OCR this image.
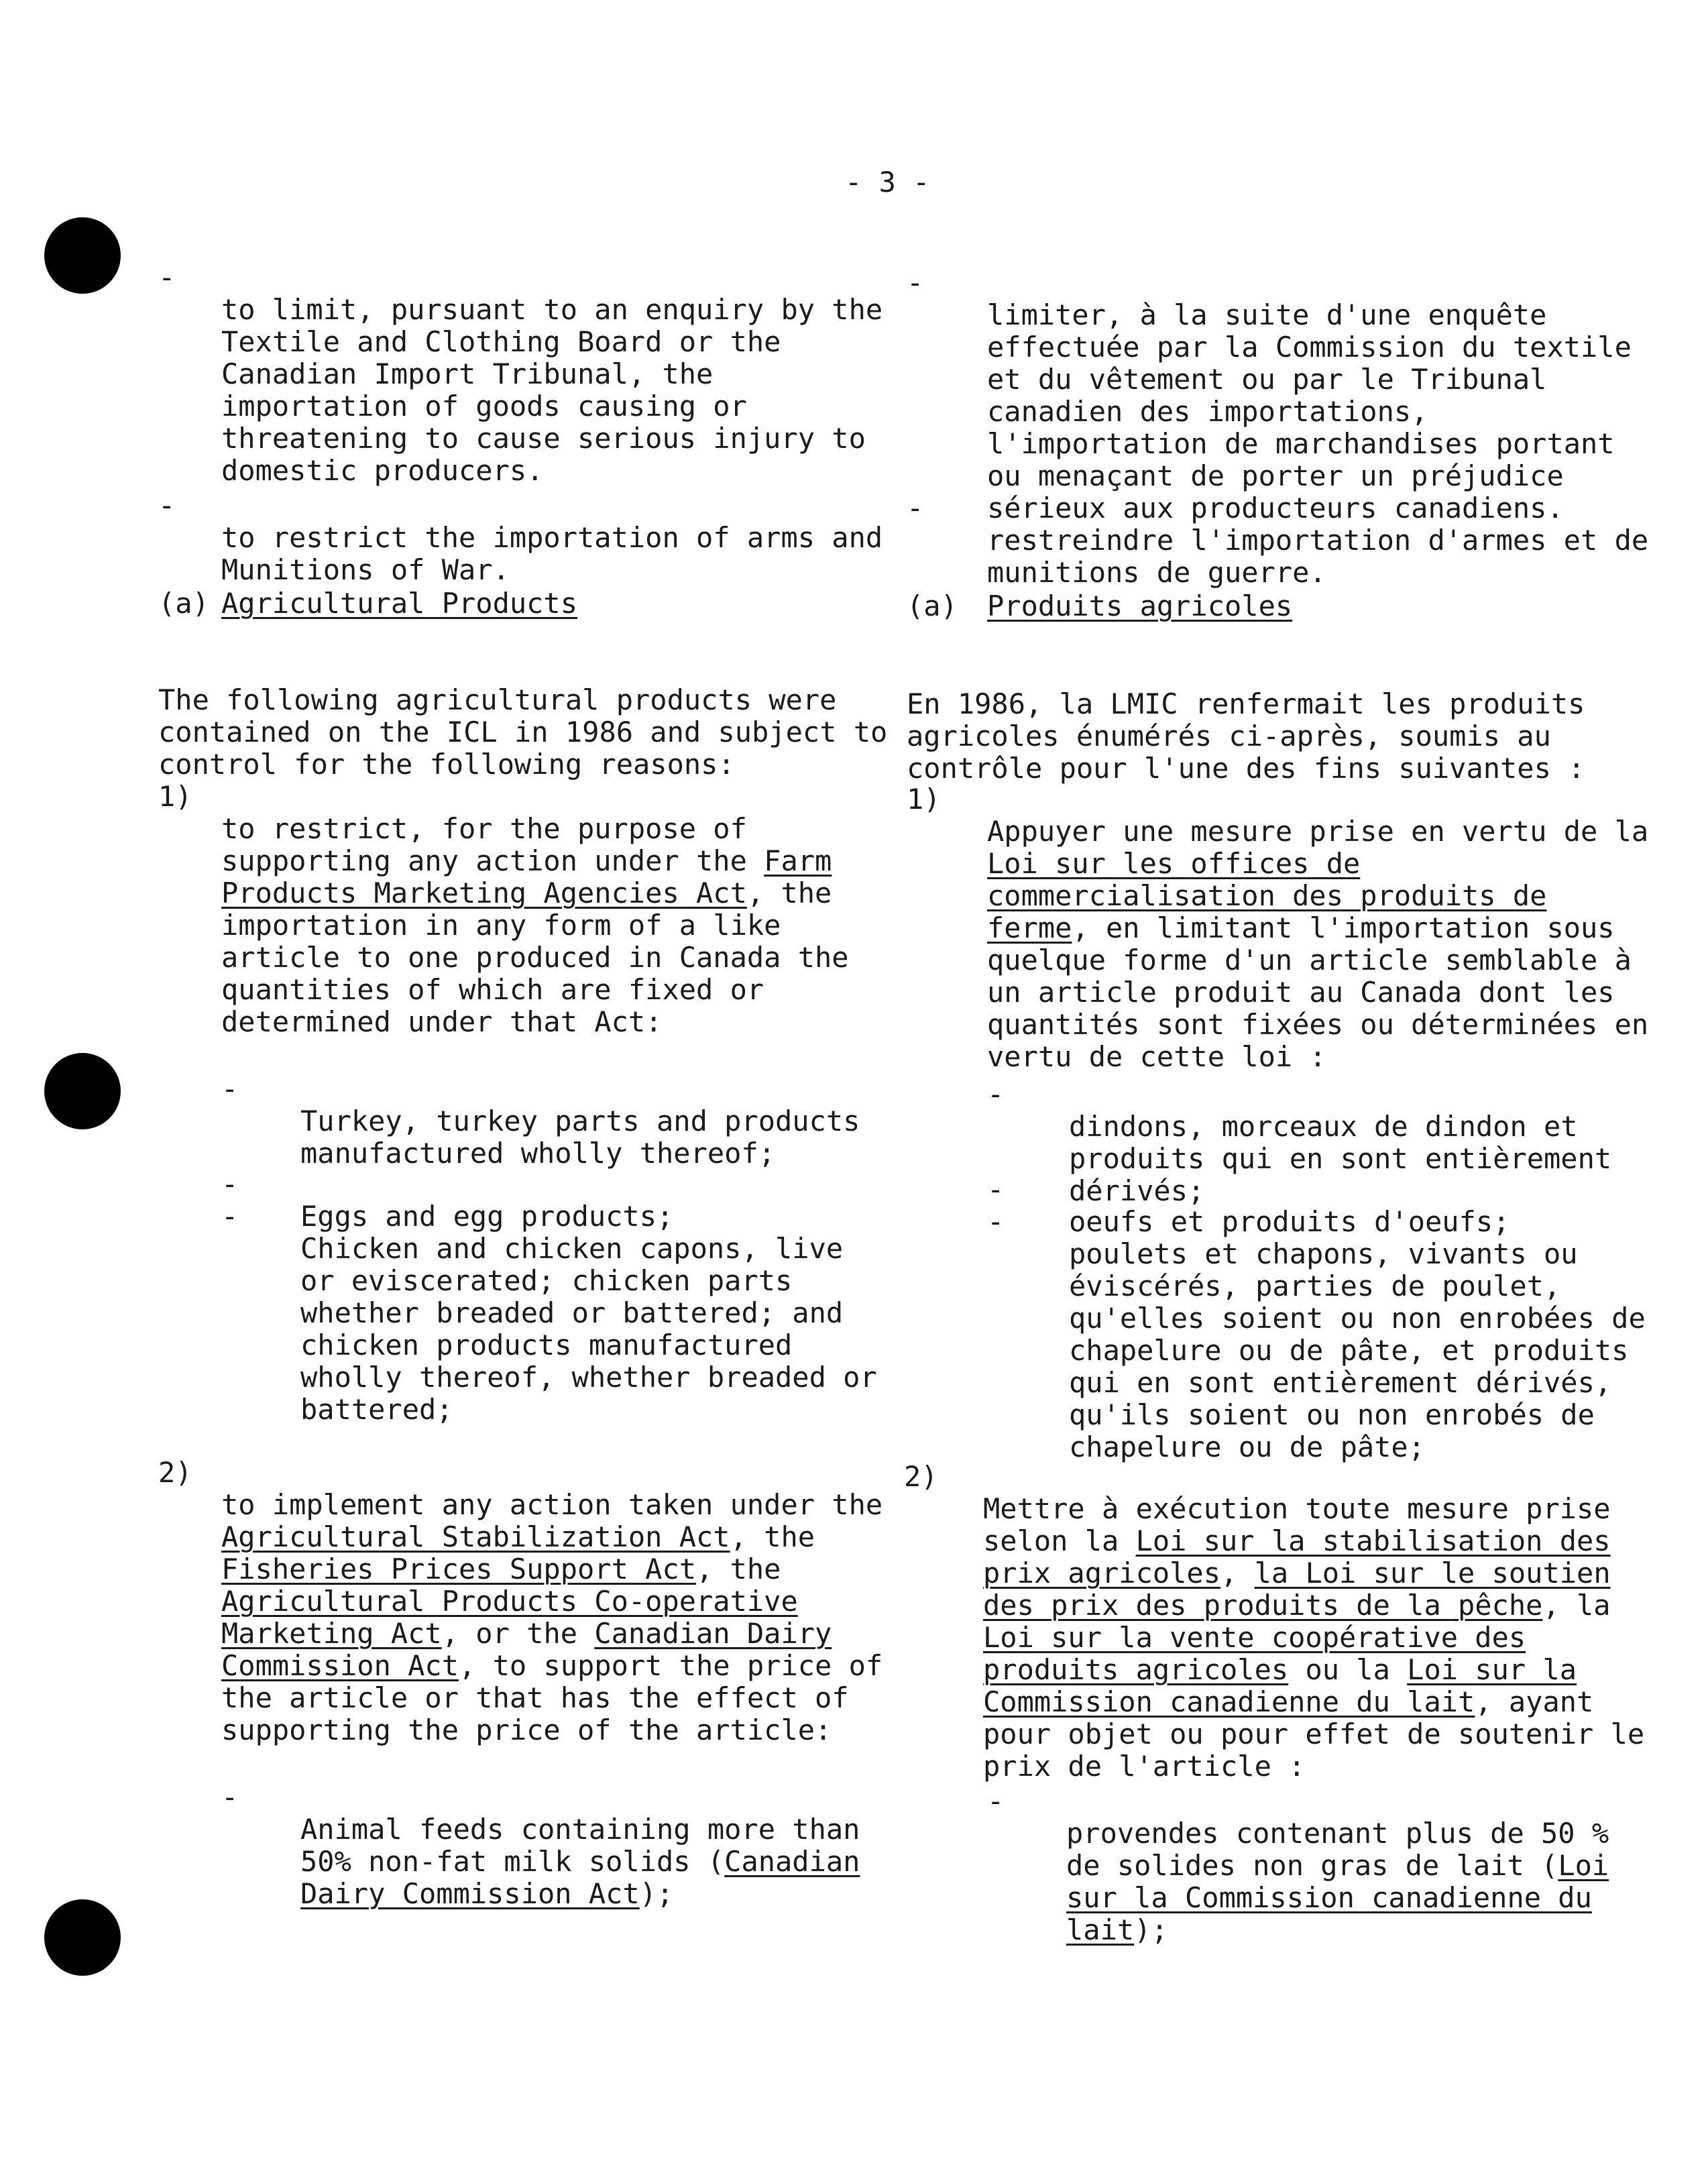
- 3 -
-

to limit, pursuant to an enquiry by the
Textile and Clothing Board or the
Canadian Import Tribunal, the
importation of goods causing or
threatening to cause serious injury to
domestic producers.

-

to restrict the importation of arms and
Munitions of War.

(a) Agricultural Products

The following agricultural products were
contained on the ICL in 1986 and subject to
control for the following reasons:

1)

to restrict, for the purpose of
supporting any action under the Farm
Products Marketing Agencies Act, the
importation in any form of a like
article to one produced in Canada the
quantities of which are fixed or
determined under that Act:

-

Turkey, turkey parts and products
manufactured wholly thereof;

-

Eggs and egg products;

-

Chicken and chicken capons, live
or eviscerated; chicken parts
whether breaded or battered; and
chicken products manufactured
wholly thereof, whether breaded or
battered;

2)

to implement any action taken under the
Agricultural Stabilization Act, the
Fisheries Prices Support Act, the
Agricultural Products Co-operative
Marketing Act, or the Canadian Dairy
Commission Act, to support the price of
the article or that has the effect of
supporting the price of the article:

-

Animal feeds containing more than
50% non-fat milk solids (Canadian
Dairy Commission Act);

-

limiter, à la suite d'une enquête
effectuée par la Commission du textile
et du vêtement ou par le Tribunal
canadien des importations,
l'importation de marchandises portant
ou menaçant de porter un préjudice
sérieux aux producteurs canadiens.

-

restreindre l'importation d'armes et de
munitions de guerre.

(a) Produits agricoles

En 1986, la LMIC renfermait les produits
agricoles énumérés ci-après, soumis au
contrôle pour l'une des fins suivantes :

1)

Appuyer une mesure prise en vertu de la
Loi sur les offices de
commercialisation des produits de
ferme, en limitant l'importation sous
quelque forme d'un article semblable à
un article produit au Canada dont les
quantités sont fixées ou déterminées en
vertu de cette loi :

-

dindons, morceaux de dindon et
produits qui en sont entièrement
dérivés;

-

oeufs et produits d'oeufs;

-

poulets et chapons, vivants ou
éviscérés, parties de poulet,
qu'elles soient ou non enrobées de
chapelure ou de pâte, et produits
qui en sont entièrement dérivés,
qu'ils soient ou non enrobés de
chapelure ou de pâte;

2)

Mettre à exécution toute mesure prise
selon la Loi sur la stabilisation des
prix agricoles, la Loi sur le soutien
des prix des produits de la pêche, la
Loi sur la vente coopérative des
produits agricoles ou la Loi sur la
Commission canadienne du lait, ayant
pour objet ou pour effet de soutenir le
prix de l'article :

-

provendes contenant plus de 50 %
de solides non gras de lait (Loi
sur la Commission canadienne du
lait);
